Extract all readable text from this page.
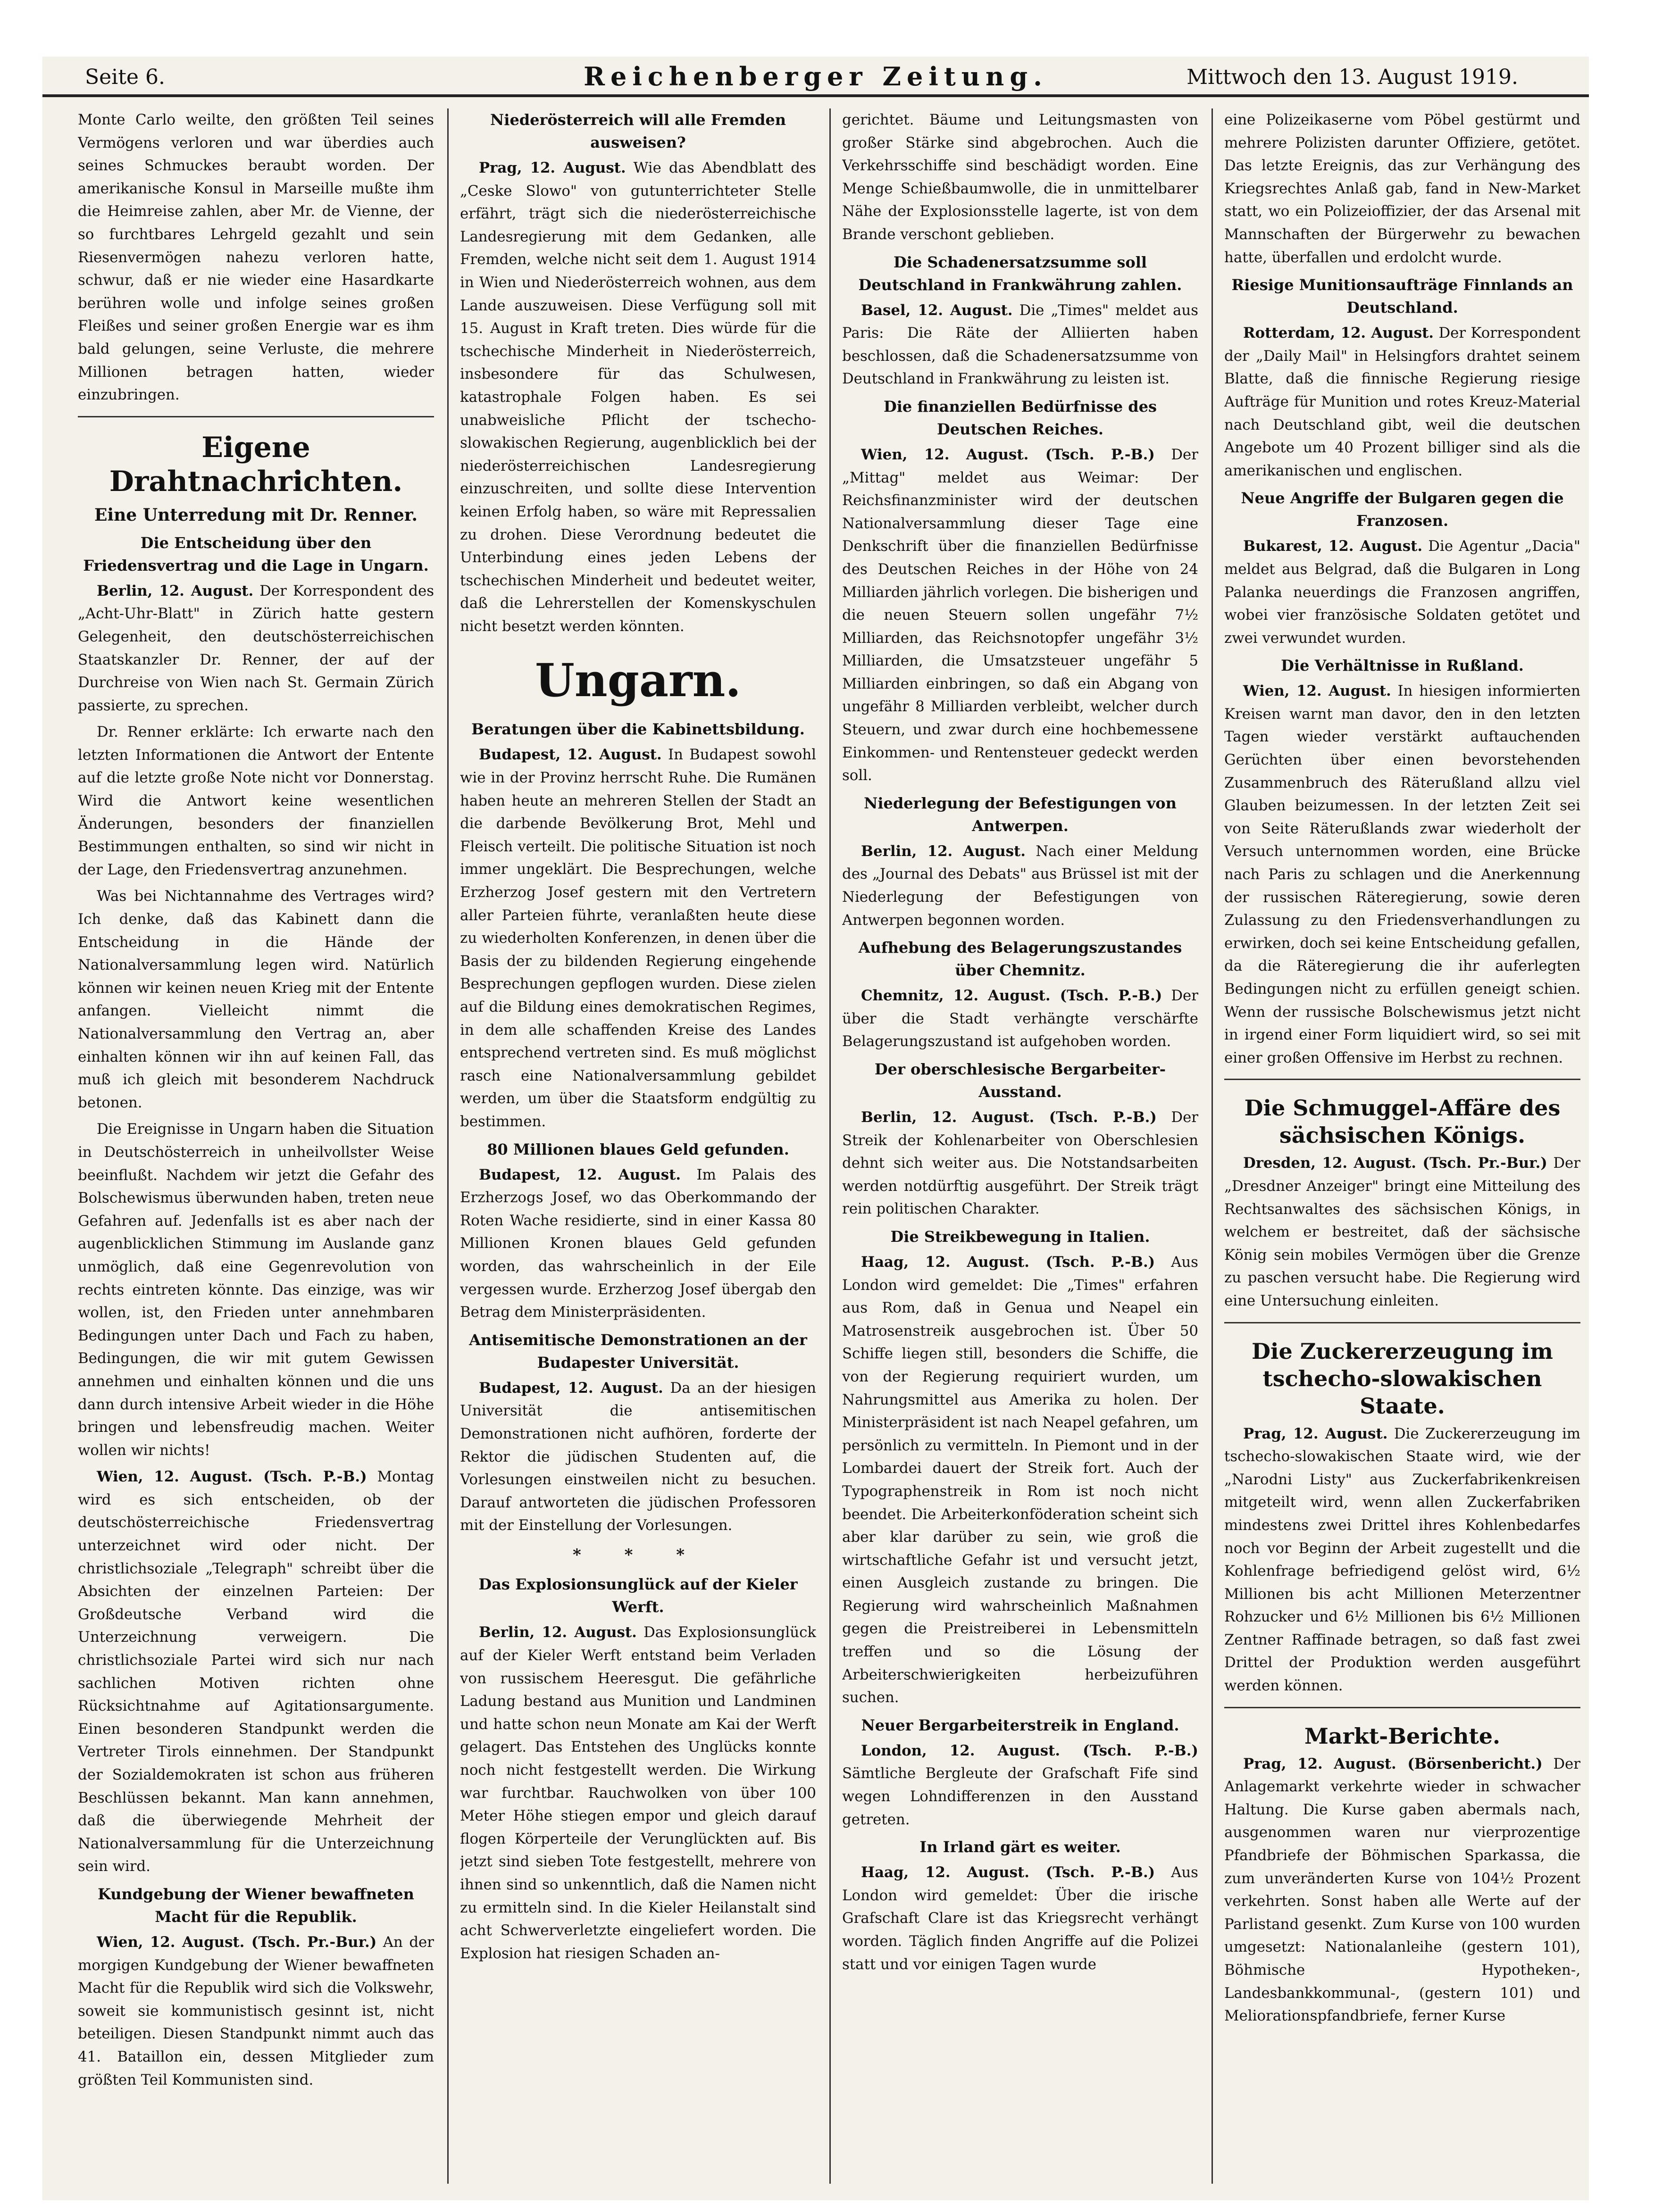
Seite 6.	Reichenberger Zeitung.	Mittwoch den 13. August 1919.

Monte Carlo weilte, den größten Teil seines Vermögens verloren und war überdies auch seines Schmuckes beraubt worden. Der amerikanische Konsul in Marseille mußte ihm die Heimreise zahlen, aber Mr. de Vienne, der so furchtbares Lehrgeld gezahlt und sein Riesenvermögen nahezu verloren hatte, schwur, daß er nie wieder eine Hasardkarte berühren wolle und infolge seines großen Fleißes und seiner großen Energie war es ihm bald gelungen, seine Verluste, die mehrere Millionen betragen hatten, wieder einzubringen.

Eigene Drahtnachrichten.
Eine Unterredung mit Dr. Renner.
Die Entscheidung über den Friedensvertrag und die Lage in Ungarn.

Berlin, 12. August. Der Korrespondent des „Acht-Uhr-Blatt" in Zürich hatte gestern Gelegenheit, den deutschösterreichischen Staatskanzler Dr. Renner, der auf der Durchreise von Wien nach St. Germain Zürich passierte, zu sprechen.

Dr. Renner erklärte: Ich erwarte nach den letzten Informationen die Antwort der Entente auf die letzte große Note nicht vor Donnerstag. Wird die Antwort keine wesentlichen Änderungen, besonders der finanziellen Bestimmungen enthalten, so sind wir nicht in der Lage, den Friedensvertrag anzunehmen.

Was bei Nichtannahme des Vertrages wird? Ich denke, daß das Kabinett dann die Entscheidung in die Hände der Nationalversammlung legen wird. Natürlich können wir keinen neuen Krieg mit der Entente anfangen. Vielleicht nimmt die Nationalversammlung den Vertrag an, aber einhalten können wir ihn auf keinen Fall, das muß ich gleich mit besonderem Nachdruck betonen.

Die Ereignisse in Ungarn haben die Situation in Deutschösterreich in unheilvollster Weise beeinflußt. Nachdem wir jetzt die Gefahr des Bolschewismus überwunden haben, treten neue Gefahren auf. Jedenfalls ist es aber nach der augenblicklichen Stimmung im Auslande ganz unmöglich, daß eine Gegenrevolution von rechts eintreten könnte. Das einzige, was wir wollen, ist, den Frieden unter annehmbaren Bedingungen unter Dach und Fach zu haben, Bedingungen, die wir mit gutem Gewissen annehmen und einhalten können und die uns dann durch intensive Arbeit wieder in die Höhe bringen und lebensfreudig machen. Weiter wollen wir nichts!

Wien, 12. August. (Tsch. P.-B.) Montag wird es sich entscheiden, ob der deutschösterreichische Friedensvertrag unterzeichnet wird oder nicht. Der christlichsoziale „Telegraph" schreibt über die Absichten der einzelnen Parteien: Der Großdeutsche Verband wird die Unterzeichnung verweigern. Die christlichsoziale Partei wird sich nur nach sachlichen Motiven richten ohne Rücksichtnahme auf Agitationsargumente. Einen besonderen Standpunkt werden die Vertreter Tirols einnehmen. Der Standpunkt der Sozialdemokraten ist schon aus früheren Beschlüssen bekannt. Man kann annehmen, daß die überwiegende Mehrheit der Nationalversammlung für die Unterzeichnung sein wird.

Kundgebung der Wiener bewaffneten Macht für die Republik.

Wien, 12. August. (Tsch. Pr.-Bur.) An der morgigen Kundgebung der Wiener bewaffneten Macht für die Republik wird sich die Volkswehr, soweit sie kommunistisch gesinnt ist, nicht beteiligen. Diesen Standpunkt nimmt auch das 41. Bataillon ein, dessen Mitglieder zum größten Teil Kommunisten sind.

Niederösterreich will alle Fremden ausweisen?

Prag, 12. August. Wie das Abendblatt des „Ceske Slowo" von gutunterrichteter Stelle erfährt, trägt sich die niederösterreichische Landesregierung mit dem Gedanken, alle Fremden, welche nicht seit dem 1. August 1914 in Wien und Niederösterreich wohnen, aus dem Lande auszuweisen. Diese Verfügung soll mit 15. August in Kraft treten. Dies würde für die tschechische Minderheit in Niederösterreich, insbesondere für das Schulwesen, katastrophale Folgen haben. Es sei unabweisliche Pflicht der tschecho-slowakischen Regierung, augenblicklich bei der niederösterreichischen Landesregierung einzuschreiten, und sollte diese Intervention keinen Erfolg haben, so wäre mit Repressalien zu drohen. Diese Verordnung bedeutet die Unterbindung eines jeden Lebens der tschechischen Minderheit und bedeutet weiter, daß die Lehrerstellen der Komenskyschulen nicht besetzt werden könnten.

Ungarn.
Beratungen über die Kabinettsbildung.

Budapest, 12. August. In Budapest sowohl wie in der Provinz herrscht Ruhe. Die Rumänen haben heute an mehreren Stellen der Stadt an die darbende Bevölkerung Brot, Mehl und Fleisch verteilt. Die politische Situation ist noch immer ungeklärt. Die Besprechungen, welche Erzherzog Josef gestern mit den Vertretern aller Parteien führte, veranlaßten heute diese zu wiederholten Konferenzen, in denen über die Basis der zu bildenden Regierung eingehende Besprechungen gepflogen wurden. Diese zielen auf die Bildung eines demokratischen Regimes, in dem alle schaffenden Kreise des Landes entsprechend vertreten sind. Es muß möglichst rasch eine Nationalversammlung gebildet werden, um über die Staatsform endgültig zu bestimmen.

80 Millionen blaues Geld gefunden.

Budapest, 12. August. Im Palais des Erzherzogs Josef, wo das Oberkommando der Roten Wache residierte, sind in einer Kassa 80 Millionen Kronen blaues Geld gefunden worden, das wahrscheinlich in der Eile vergessen wurde. Erzherzog Josef übergab den Betrag dem Ministerpräsidenten.

Antisemitische Demonstrationen an der Budapester Universität.

Budapest, 12. August. Da an der hiesigen Universität die antisemitischen Demonstrationen nicht aufhören, forderte der Rektor die jüdischen Studenten auf, die Vorlesungen einstweilen nicht zu besuchen. Darauf antworteten die jüdischen Professoren mit der Einstellung der Vorlesungen.

* * *
Das Explosionsunglück auf der Kieler Werft.

Berlin, 12. August. Das Explosionsunglück auf der Kieler Werft entstand beim Verladen von russischem Heeresgut. Die gefährliche Ladung bestand aus Munition und Landminen und hatte schon neun Monate am Kai der Werft gelagert. Das Entstehen des Unglücks konnte noch nicht festgestellt werden. Die Wirkung war furchtbar. Rauchwolken von über 100 Meter Höhe stiegen empor und gleich darauf flogen Körperteile der Verunglückten auf. Bis jetzt sind sieben Tote festgestellt, mehrere von ihnen sind so unkenntlich, daß die Namen nicht zu ermitteln sind. In die Kieler Heilanstalt sind acht Schwerverletzte eingeliefert worden. Die Explosion hat riesigen Schaden an-

gerichtet. Bäume und Leitungsmasten von großer Stärke sind abgebrochen. Auch die Verkehrsschiffe sind beschädigt worden. Eine Menge Schießbaumwolle, die in unmittelbarer Nähe der Explosionsstelle lagerte, ist von dem Brande verschont geblieben.

Die Schadenersatzsumme soll Deutschland in Frankwährung zahlen.

Basel, 12. August. Die „Times" meldet aus Paris: Die Räte der Alliierten haben beschlossen, daß die Schadenersatzsumme von Deutschland in Frankwährung zu leisten ist.

Die finanziellen Bedürfnisse des Deutschen Reiches.

Wien, 12. August. (Tsch. P.-B.) Der „Mittag" meldet aus Weimar: Der Reichsfinanzminister wird der deutschen Nationalversammlung dieser Tage eine Denkschrift über die finanziellen Bedürfnisse des Deutschen Reiches in der Höhe von 24 Milliarden jährlich vorlegen. Die bisherigen und die neuen Steuern sollen ungefähr 7½ Milliarden, das Reichsnotopfer ungefähr 3½ Milliarden, die Umsatzsteuer ungefähr 5 Milliarden einbringen, so daß ein Abgang von ungefähr 8 Milliarden verbleibt, welcher durch Steuern, und zwar durch eine hochbemessene Einkommen- und Rentensteuer gedeckt werden soll.

Niederlegung der Befestigungen von Antwerpen.

Berlin, 12. August. Nach einer Meldung des „Journal des Debats" aus Brüssel ist mit der Niederlegung der Befestigungen von Antwerpen begonnen worden.

Aufhebung des Belagerungszustandes über Chemnitz.

Chemnitz, 12. August. (Tsch. P.-B.) Der über die Stadt verhängte verschärfte Belagerungszustand ist aufgehoben worden.

Der oberschlesische Bergarbeiter-Ausstand.

Berlin, 12. August. (Tsch. P.-B.) Der Streik der Kohlenarbeiter von Oberschlesien dehnt sich weiter aus. Die Notstandsarbeiten werden notdürftig ausgeführt. Der Streik trägt rein politischen Charakter.

Die Streikbewegung in Italien.

Haag, 12. August. (Tsch. P.-B.) Aus London wird gemeldet: Die „Times" erfahren aus Rom, daß in Genua und Neapel ein Matrosenstreik ausgebrochen ist. Über 50 Schiffe liegen still, besonders die Schiffe, die von der Regierung requiriert wurden, um Nahrungsmittel aus Amerika zu holen. Der Ministerpräsident ist nach Neapel gefahren, um persönlich zu vermitteln. In Piemont und in der Lombardei dauert der Streik fort. Auch der Typographenstreik in Rom ist noch nicht beendet. Die Arbeiterkonföderation scheint sich aber klar darüber zu sein, wie groß die wirtschaftliche Gefahr ist und versucht jetzt, einen Ausgleich zustande zu bringen. Die Regierung wird wahrscheinlich Maßnahmen gegen die Preistreiberei in Lebensmitteln treffen und so die Lösung der Arbeiterschwierigkeiten herbeizuführen suchen.

Neuer Bergarbeiterstreik in England.

London, 12. August. (Tsch. P.-B.) Sämtliche Bergleute der Grafschaft Fife sind wegen Lohndifferenzen in den Ausstand getreten.

In Irland gärt es weiter.

Haag, 12. August. (Tsch. P.-B.) Aus London wird gemeldet: Über die irische Grafschaft Clare ist das Kriegsrecht verhängt worden. Täglich finden Angriffe auf die Polizei statt und vor einigen Tagen wurde

eine Polizeikaserne vom Pöbel gestürmt und mehrere Polizisten darunter Offiziere, getötet. Das letzte Ereignis, das zur Verhängung des Kriegsrechtes Anlaß gab, fand in New-Market statt, wo ein Polizeioffizier, der das Arsenal mit Mannschaften der Bürgerwehr zu bewachen hatte, überfallen und erdolcht wurde.

Riesige Munitionsaufträge Finnlands an Deutschland.

Rotterdam, 12. August. Der Korrespondent der „Daily Mail" in Helsingfors drahtet seinem Blatte, daß die finnische Regierung riesige Aufträge für Munition und rotes Kreuz-Material nach Deutschland gibt, weil die deutschen Angebote um 40 Prozent billiger sind als die amerikanischen und englischen.

Neue Angriffe der Bulgaren gegen die Franzosen.

Bukarest, 12. August. Die Agentur „Dacia" meldet aus Belgrad, daß die Bulgaren in Long Palanka neuerdings die Franzosen angriffen, wobei vier französische Soldaten getötet und zwei verwundet wurden.

Die Verhältnisse in Rußland.

Wien, 12. August. In hiesigen informierten Kreisen warnt man davor, den in den letzten Tagen wieder verstärkt auftauchenden Gerüchten über einen bevorstehenden Zusammenbruch des Räterußland allzu viel Glauben beizumessen. In der letzten Zeit sei von Seite Räterußlands zwar wiederholt der Versuch unternommen worden, eine Brücke nach Paris zu schlagen und die Anerkennung der russischen Räteregierung, sowie deren Zulassung zu den Friedensverhandlungen zu erwirken, doch sei keine Entscheidung gefallen, da die Räteregierung die ihr auferlegten Bedingungen nicht zu erfüllen geneigt schien. Wenn der russische Bolschewismus jetzt nicht in irgend einer Form liquidiert wird, so sei mit einer großen Offensive im Herbst zu rechnen.

Die Schmuggel-Affäre des sächsischen Königs.

Dresden, 12. August. (Tsch. Pr.-Bur.) Der „Dresdner Anzeiger" bringt eine Mitteilung des Rechtsanwaltes des sächsischen Königs, in welchem er bestreitet, daß der sächsische König sein mobiles Vermögen über die Grenze zu paschen versucht habe. Die Regierung wird eine Untersuchung einleiten.

Die Zuckererzeugung im tschecho-slowakischen Staate.

Prag, 12. August. Die Zuckererzeugung im tschecho-slowakischen Staate wird, wie der „Narodni Listy" aus Zuckerfabrikenkreisen mitgeteilt wird, wenn allen Zuckerfabriken mindestens zwei Drittel ihres Kohlenbedarfes noch vor Beginn der Arbeit zugestellt und die Kohlenfrage befriedigend gelöst wird, 6½ Millionen bis acht Millionen Meterzentner Rohzucker und 6½ Millionen bis 6½ Millionen Zentner Raffinade betragen, so daß fast zwei Drittel der Produktion werden ausgeführt werden können.

Markt-Berichte.

Prag, 12. August. (Börsenbericht.) Der Anlagemarkt verkehrte wieder in schwacher Haltung. Die Kurse gaben abermals nach, ausgenommen waren nur vierprozentige Pfandbriefe der Böhmischen Sparkassa, die zum unveränderten Kurse von 104½ Prozent verkehrten. Sonst haben alle Werte auf der Parlistand gesenkt. Zum Kurse von 100 wurden umgesetzt: Nationalanleihe (gestern 101), Böhmische Hypotheken-, Landesbankkommunal-, (gestern 101) und Meliorationspfandbriefe, ferner Kurse
